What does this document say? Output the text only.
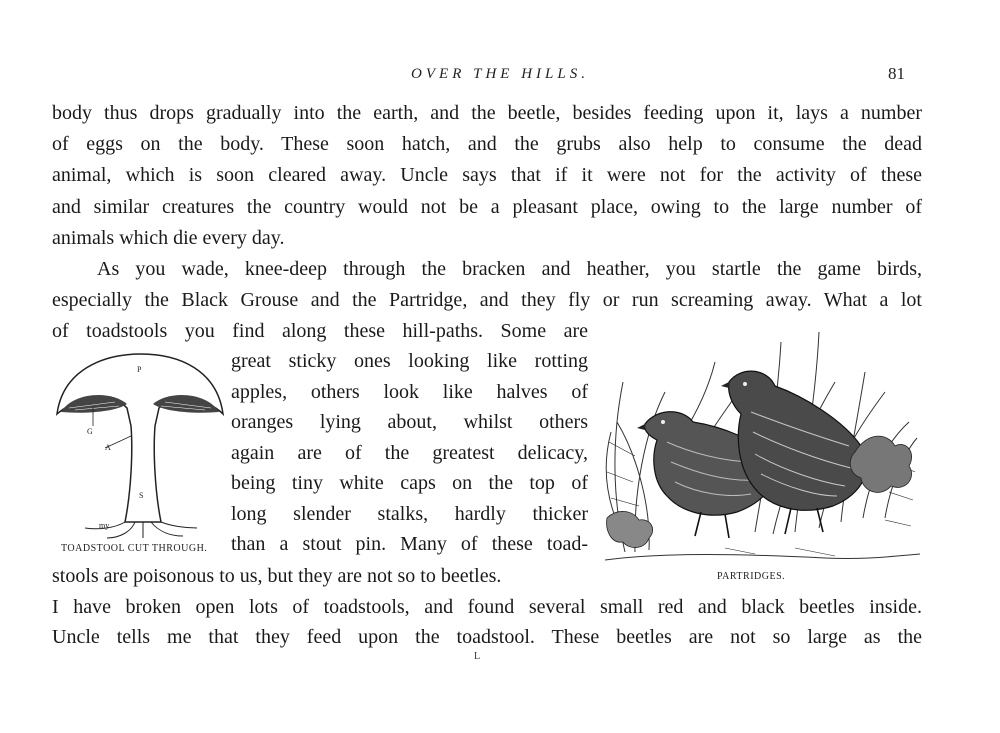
OVER THE HILLS.	81
body thus drops gradually into the earth, and the beetle, besides feeding upon it, lays a number
of eggs on the body. These soon hatch, and the grubs also help to consume the dead
animal, which is soon cleared away. Uncle says that if it were not for the activity of these
and similar creatures the country would not be a pleasant place, owing to the large number of
animals which die every day.
As you wade, knee-deep through the bracken and heather, you startle the game birds,
especially the Black Grouse and the Partridge, and they fly or run screaming away. What a lot
of toadstools you find along these hill-paths. Some are
great sticky ones looking like rotting
apples, others look like halves of
oranges lying about, whilst others
again are of the greatest delicacy,
being tiny white caps on the top of
long slender stalks, hardly thicker
than a stout pin. Many of these toad-
stools are poisonous to us, but they are not so to beetles.
I have broken open lots of toadstools, and found several small red and black beetles inside.
Uncle tells me that they feed upon the toadstool. These beetles are not so large as the
P
G
A
S
my
TOADSTOOL CUT THROUGH.
PARTRIDGES.
L
